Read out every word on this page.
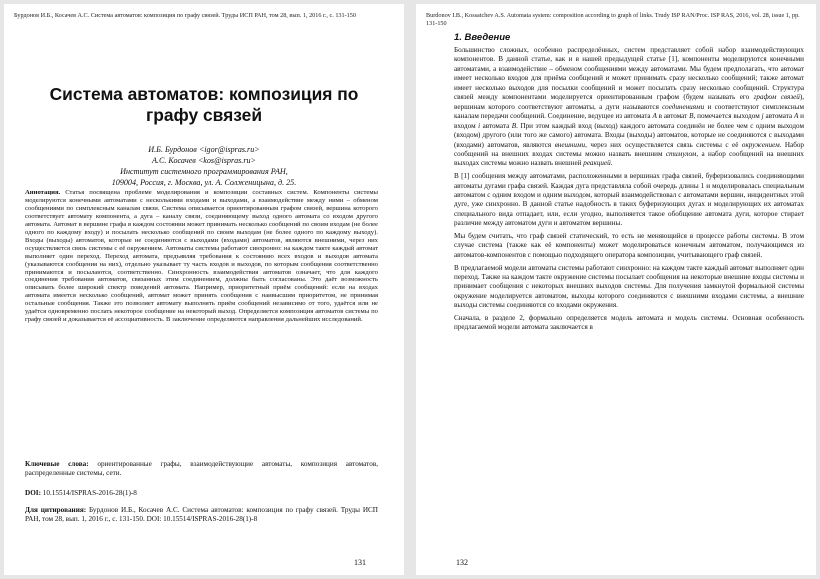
Бурдонов И.Б., Косачев А.С. Система автоматов: композиция по графу связей. Труды ИСП РАН, том 28, вып. 1, 2016 г., с. 131-150
Система автоматов: композиция по графу связей
И.Б. Бурдонов <igor@ispras.ru>
А.С. Косачев <kos@ispras.ru>
Институт системного программирования РАН,
109004, Россия, г. Москва, ул. А. Солженицына, д. 25.
Аннотация. Статья посвящена проблеме моделирования и композиции составных систем. Компоненты системы моделируются конечными автоматами с несколькими входами и выходами, а взаимодействие между ними – обменом сообщениями по симплексным каналам связи. Система описывается ориентированным графом связей, вершина которого соответствует автомату компонента, а дуга – каналу связи, соединяющему выход одного автомата со входом другого автомата. Автомат в вершине графа в каждом состоянии может принимать несколько сообщений по своим входам (не более одного по каждому входу) и посылать несколько сообщений по своим выходам (не более одного по каждому выходу). Входы (выходы) автоматов, которые не соединяются с выходами (входами) автоматов, являются внешними, через них осуществляется связь системы с её окружением. Автоматы системы работают синхронно: на каждом такте каждый автомат выполняет один переход. Переход автомата, предъявляя требования к состоянию всех входов и выходов автомата (указываются сообщения на них), отдельно указывает ту часть входов и выходов, по которым сообщения соответственно принимаются и посылаются, соответственно. Синхронность взаимодействия автоматов означает, что для каждого соединения требования автоматов, связанных этим соединением, должны быть согласованы. Это даёт возможность описывать более широкий спектр поведений автомата. Например, приоритетный приём сообщений: если на входах автомата имеется несколько сообщений, автомат может принять сообщения с наивысшим приоритетом, не принимая остальные сообщения. Также это позволяет автомату выполнять приём сообщений независимо от того, удаётся или не удаётся одновременно послать некоторое сообщение на некоторый выход. Определяется композиция автоматов системы по графу связей и доказывается её ассоциативность. В заключение определяются направления дальнейших исследований.
Ключевые слова: ориентированные графы, взаимодействующие автоматы, композиция автоматов, распределенные системы, сети.
DOI: 10.15514/ISPRAS-2016-28(1)-8
Для цитирования: Бурдонов И.Б., Косачев А.С. Система автоматов: композиция по графу связей. Труды ИСП РАН, том 28, вып. 1, 2016 г., с. 131-150. DOI: 10.15514/ISPRAS-2016-28(1)-8
131
Burdonov I.B., Kossatchev A.S. Automata system: composition according to graph of links. Trudy ISP RAN/Proc. ISP RAS, 2016, vol. 28, issue 1, pp. 131-150
1. Введение

Большинство сложных, особенно распределённых, систем представляет собой набор взаимодействующих компонентов. В данной статье, как и в нашей предыдущей статье [1], компоненты моделируются конечными автоматами, а взаимодействие – обменом сообщениями между автоматами. Мы будем предполагать, что автомат имеет несколько входов для приёма сообщений и может принимать сразу несколько сообщений; также автомат имеет несколько выходов для посылки сообщений и может посылать сразу несколько сообщений. Структура связей между компонентами моделируется ориентированным графом (будем называть его графом связей), вершинам которого соответствуют автоматы, а дуги называются соединениями и соответствуют симплексным каналам передачи сообщений. Соединение, ведущее из автомата A в автомат B, помечается выходом j автомата A и входом i автомата B. При этом каждый вход (выход) каждого автомата соединён не более чем с одним выходом (входом) другого (или того же самого) автомата. Входы (выходы) автоматов, которые не соединяются с выходами (входами) автоматов, являются внешними, через них осуществляется связь системы с её окружением. Набор сообщений на внешних входах системы можно назвать внешним стимулом, а набор сообщений на внешних выходах системы можно назвать внешней реакцией.

В [1] сообщения между автоматами, расположенными в вершинах графа связей, буферизовались соединяющими автоматы дугами графа связей. Каждая дуга представляла собой очередь длины 1 и моделировалась специальным автоматом с одним входом и одним выходом, который взаимодействовал с автоматами вершин, инцидентных этой дуге, уже синхронно. В данной статье надобность в таких буферизующих дугах и моделирующих их автоматах специального вида отпадает, или, если угодно, выполняется такое обобщение автомата дуги, которое стирает различие между автоматом дуги и автоматом вершины.

Мы будем считать, что граф связей статический, то есть не меняющийся в процессе работы системы. В этом случае система (также как её компоненты) может моделироваться конечным автоматом, получающимся из автоматов-компонентов с помощью подходящего оператора композиции, учитывающего граф связей.

В предлагаемой модели автоматы системы работают синхронно: на каждом такте каждый автомат выполняет один переход. Также на каждом такте окружение системы посылает сообщения на некоторые внешние входы системы и принимает сообщения с некоторых внешних выходов системы. Для получения замкнутой формальной системы окружение моделируется автоматом, выходы которого соединяются с внешними входами системы, а внешние выходы системы соединяются со входами окружения.

Сначала, в разделе 2, формально определяется модель автомата и модель системы. Основная особенность предлагаемой модели автомата заключается в

132
